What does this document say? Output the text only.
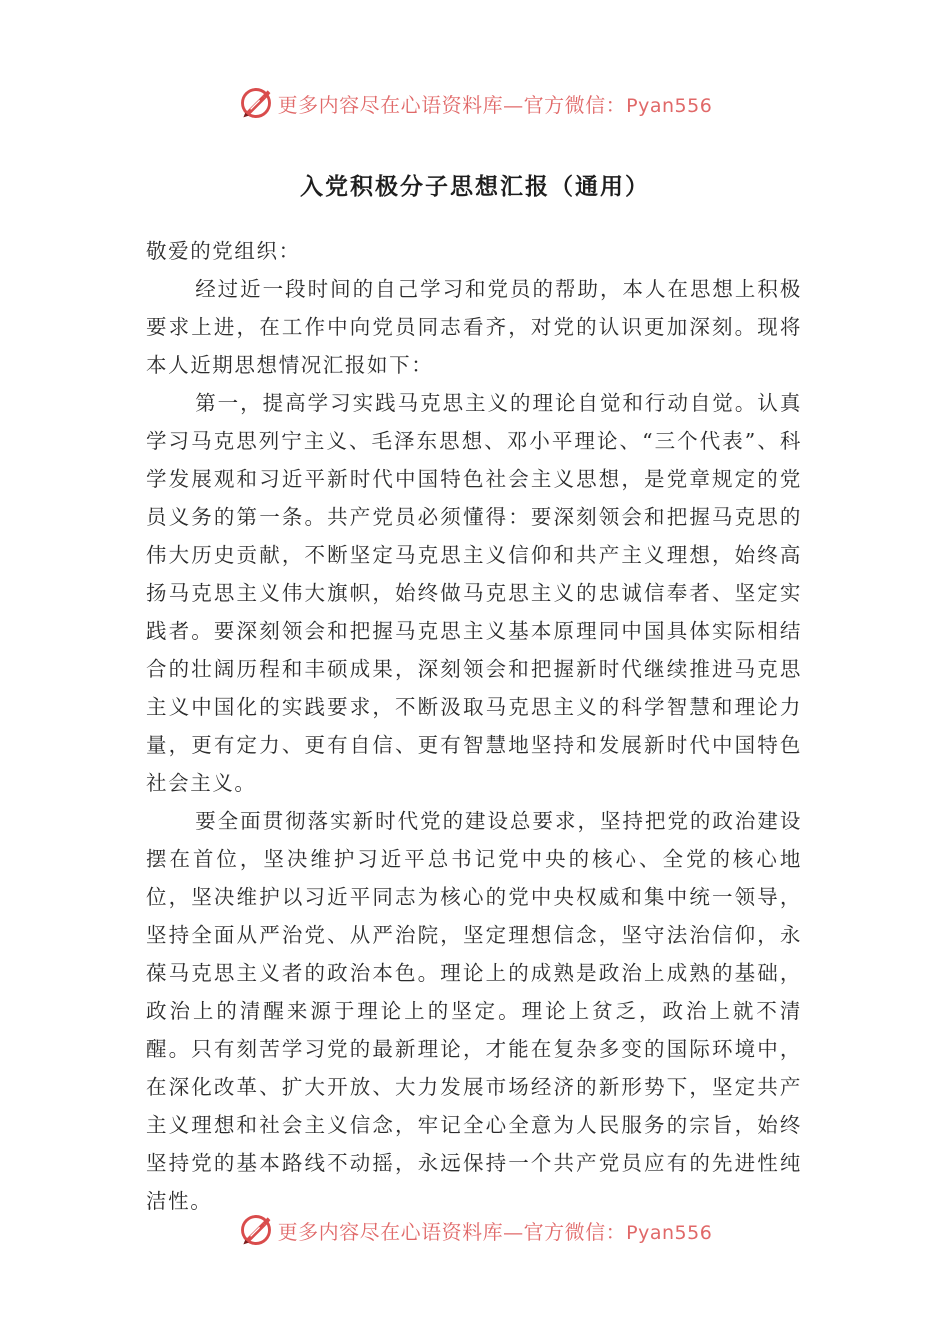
更多内容尽在心语资料库—官方微信：Pyan556
入党积极分子思想汇报（通用）

敬爱的党组织：

经过近一段时间的自己学习和党员的帮助，本人在思想上积极要求上进，在工作中向党员同志看齐，对党的认识更加深刻。现将本人近期思想情况汇报如下：

第一，提高学习实践马克思主义的理论自觉和行动自觉。认真学习马克思列宁主义、毛泽东思想、邓小平理论、“三个代表”、科学发展观和习近平新时代中国特色社会主义思想，是党章规定的党员义务的第一条。共产党员必须懂得：要深刻领会和把握马克思的伟大历史贡献，不断坚定马克思主义信仰和共产主义理想，始终高扬马克思主义伟大旗帜，始终做马克思主义的忠诚信奉者、坚定实践者。要深刻领会和把握马克思主义基本原理同中国具体实际相结合的壮阔历程和丰硕成果，深刻领会和把握新时代继续推进马克思主义中国化的实践要求，不断汲取马克思主义的科学智慧和理论力量，更有定力、更有自信、更有智慧地坚持和发展新时代中国特色社会主义。

要全面贯彻落实新时代党的建设总要求，坚持把党的政治建设摆在首位，坚决维护习近平总书记党中央的核心、全党的核心地位，坚决维护以习近平同志为核心的党中央权威和集中统一领导，坚持全面从严治党、从严治院，坚定理想信念，坚守法治信仰，永葆马克思主义者的政治本色。理论上的成熟是政治上成熟的基础，政治上的清醒来源于理论上的坚定。理论上贫乏，政治上就不清醒。只有刻苦学习党的最新理论，才能在复杂多变的国际环境中，在深化改革、扩大开放、大力发展市场经济的新形势下，坚定共产主义理想和社会主义信念，牢记全心全意为人民服务的宗旨，始终坚持党的基本路线不动摇，永远保持一个共产党员应有的先进性纯洁性。

更多内容尽在心语资料库—官方微信：Pyan556
